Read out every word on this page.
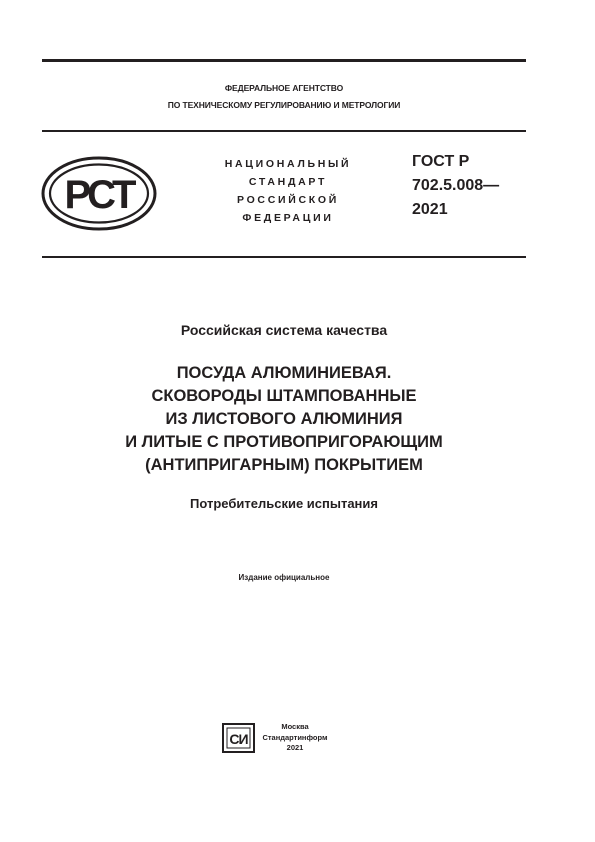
ФЕДЕРАЛЬНОЕ АГЕНТСТВО
ПО ТЕХНИЧЕСКОМУ РЕГУЛИРОВАНИЮ И МЕТРОЛОГИИ
РСТ
НАЦИОНАЛЬНЫЙ
СТАНДАРТ
РОССИЙСКОЙ
ФЕДЕРАЦИИ
ГОСТ Р
702.5.008—
2021
Российская система качества
ПОСУДА АЛЮМИНИЕВАЯ.
СКОВОРОДЫ ШТАМПОВАННЫЕ
ИЗ ЛИСТОВОГО АЛЮМИНИЯ
И ЛИТЫЕ С ПРОТИВОПРИГОРАЮЩИМ
(АНТИПРИГАРНЫМ) ПОКРЫТИЕМ
Потребительские испытания
Издание официальное
СИ
Москва
Стандартинформ
2021
